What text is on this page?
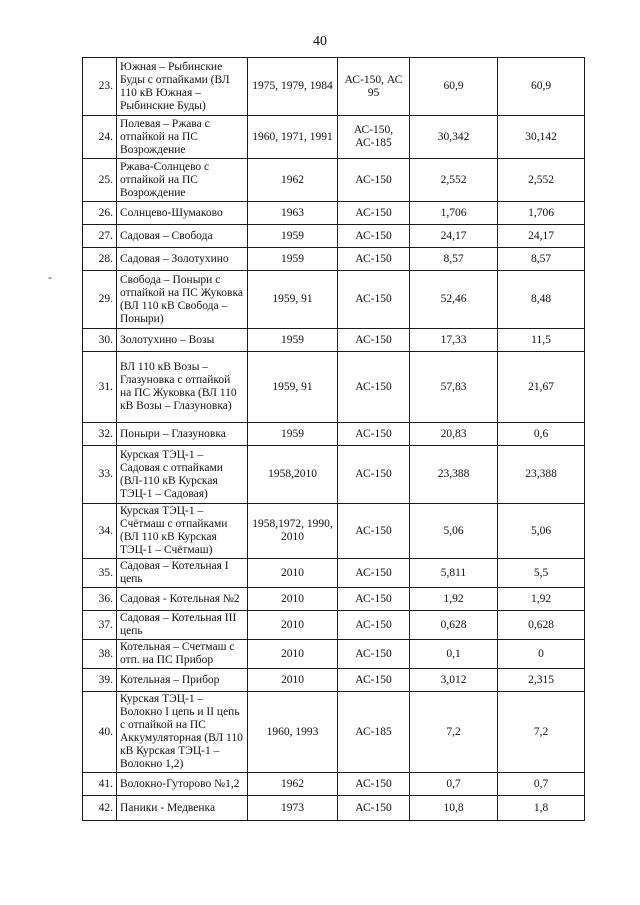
40
-
23.	Южная – Рыбинские Буды с отпайками (ВЛ 110 кВ Южная – Рыбинские Буды)	1975, 1979, 1984	АС-150, АС 95	60,9	60,9
24.	Полевая – Ржава с отпайкой на ПС Возрождение	1960, 1971, 1991	АС-150, АС-185	30,342	30,142
25.	Ржава-Солнцево с отпайкой на ПС Возрождение	1962	АС-150	2,552	2,552
26.	Солнцево-Шумаково	1963	АС-150	1,706	1,706
27.	Садовая – Свобода	1959	АС-150	24,17	24,17
28.	Садовая – Золотухино	1959	АС-150	8,57	8,57
29.	Свобода – Поныри с отпайкой на ПС Жуковка (ВЛ 110 кВ Свобода – Поныри)	1959, 91	АС-150	52,46	8,48
30.	Золотухино – Возы	1959	АС-150	17,33	11,5
31.	ВЛ 110 кВ Возы – Глазуновка с отпайкой на ПС Жуковка (ВЛ 110 кВ Возы – Глазуновка)	1959, 91	АС-150	57,83	21,67
32.	Поныри – Глазуновка	1959	АС-150	20,83	0,6
33.	Курская ТЭЦ-1 – Садовая с отпайками (ВЛ-110 кВ Курская ТЭЦ-1 – Садовая)	1958,2010	АС-150	23,388	23,388
34.	Курская ТЭЦ-1 – Счётмаш с отпайками (ВЛ 110 кВ Курская ТЭЦ-1 – Счётмаш)	1958,1972, 1990, 2010	АС-150	5,06	5,06
35.	Садовая – Котельная I цепь	2010	АС-150	5,811	5,5
36.	Садовая - Котельная №2	2010	АС-150	1,92	1,92
37.	Садовая – Котельная III цепь	2010	АС-150	0,628	0,628
38.	Котельная – Счетмаш с отп. на ПС Прибор	2010	АС-150	0,1	0
39.	Котельная – Прибор	2010	АС-150	3,012	2,315
40.	Курская ТЭЦ-1 – Волокно I цепь и II цепь с отпайкой на ПС Аккумуляторная (ВЛ 110 кВ Курская ТЭЦ-1 – Волокно 1,2)	1960, 1993	АС-185	7,2	7,2
41.	Волокно-Гуторово №1,2	1962	АС-150	0,7	0,7
42.	Паники - Медвенка	1973	АС-150	10,8	1,8
